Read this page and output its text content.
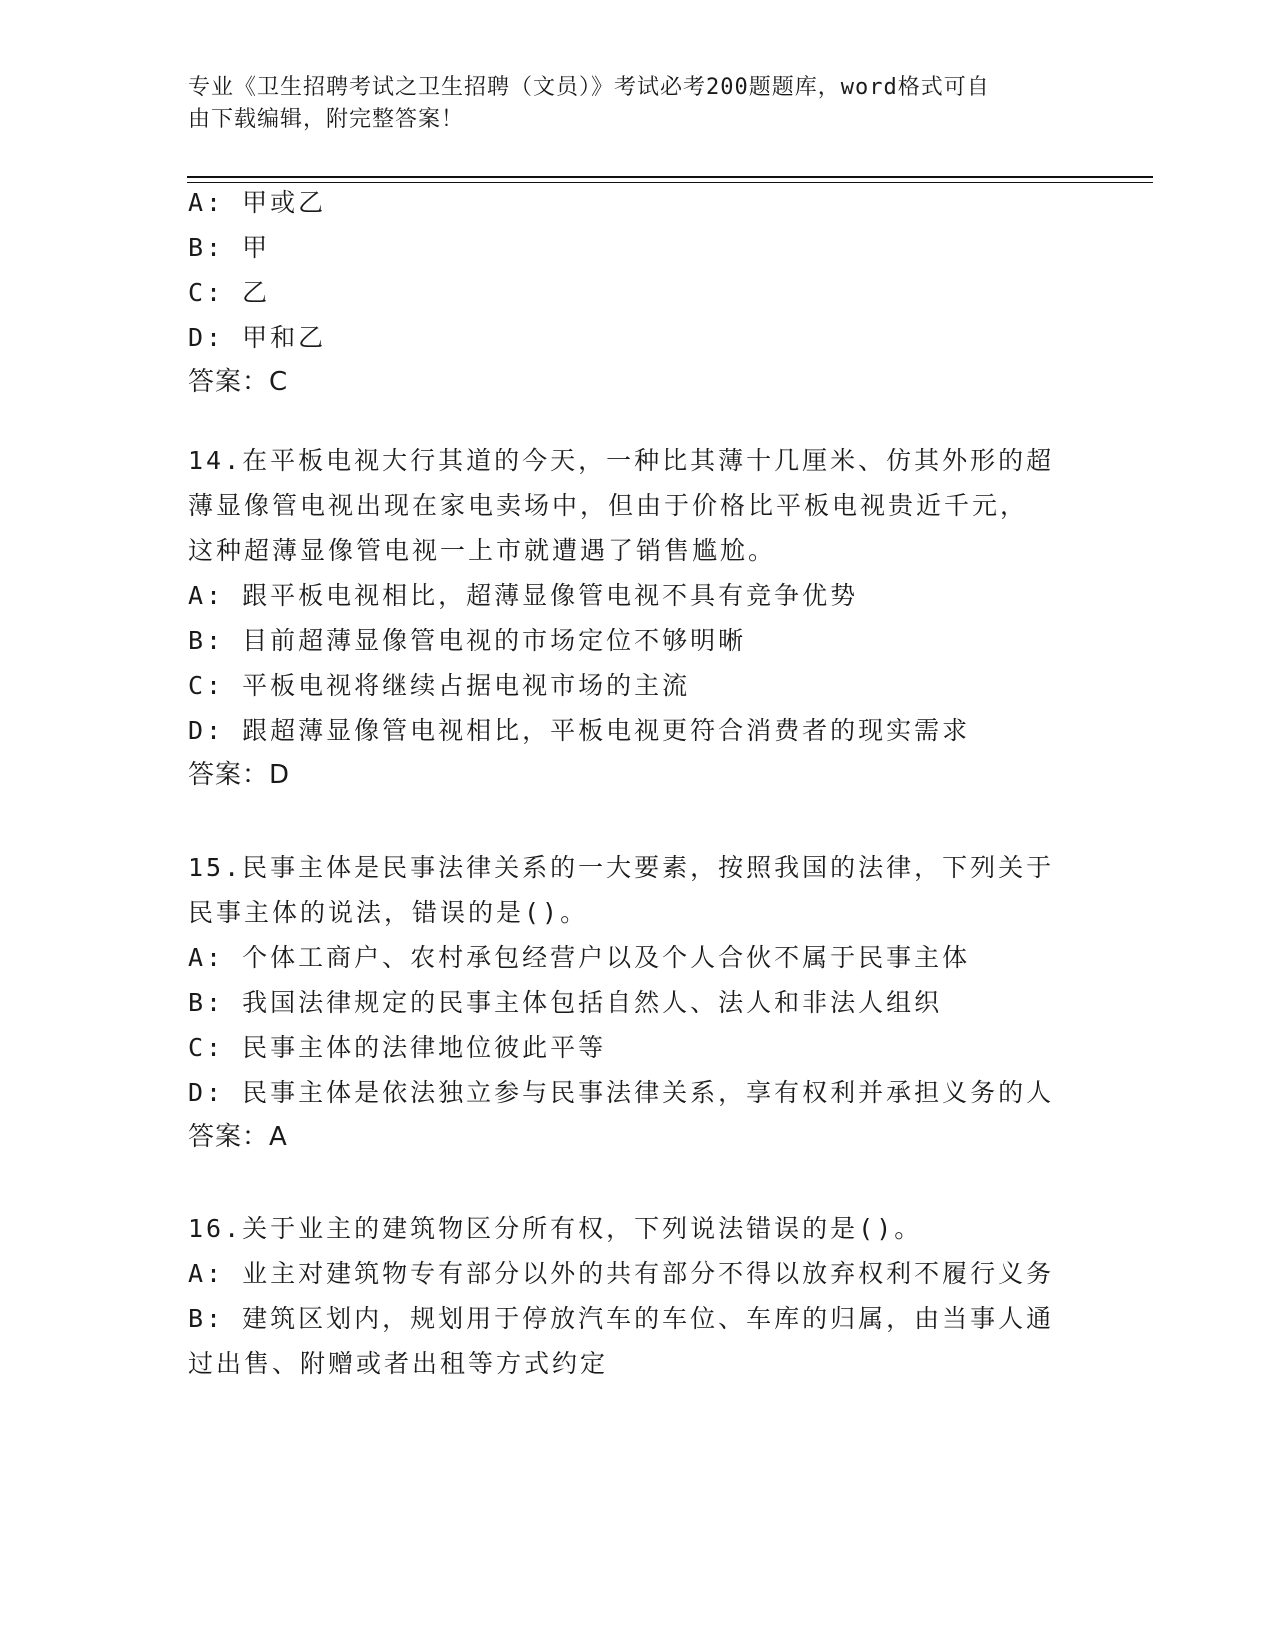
专业《卫生招聘考试之卫生招聘（文员）》考试必考200题题库，word格式可自
由下载编辑，附完整答案！
A: 甲或乙
B: 甲
C: 乙
D: 甲和乙
答案：C
14.在平板电视大行其道的今天，一种比其薄十几厘米、仿其外形的超
薄显像管电视出现在家电卖场中，但由于价格比平板电视贵近千元，
这种超薄显像管电视一上市就遭遇了销售尴尬。
A: 跟平板电视相比，超薄显像管电视不具有竞争优势
B: 目前超薄显像管电视的市场定位不够明晰
C: 平板电视将继续占据电视市场的主流
D: 跟超薄显像管电视相比，平板电视更符合消费者的现实需求
答案：D
15.民事主体是民事法律关系的一大要素，按照我国的法律，下列关于
民事主体的说法，错误的是()。
A: 个体工商户、农村承包经营户以及个人合伙不属于民事主体
B: 我国法律规定的民事主体包括自然人、法人和非法人组织
C: 民事主体的法律地位彼此平等
D: 民事主体是依法独立参与民事法律关系，享有权利并承担义务的人
答案：A
16.关于业主的建筑物区分所有权，下列说法错误的是()。
A: 业主对建筑物专有部分以外的共有部分不得以放弃权利不履行义务
B: 建筑区划内，规划用于停放汽车的车位、车库的归属，由当事人通
过出售、附赠或者出租等方式约定
